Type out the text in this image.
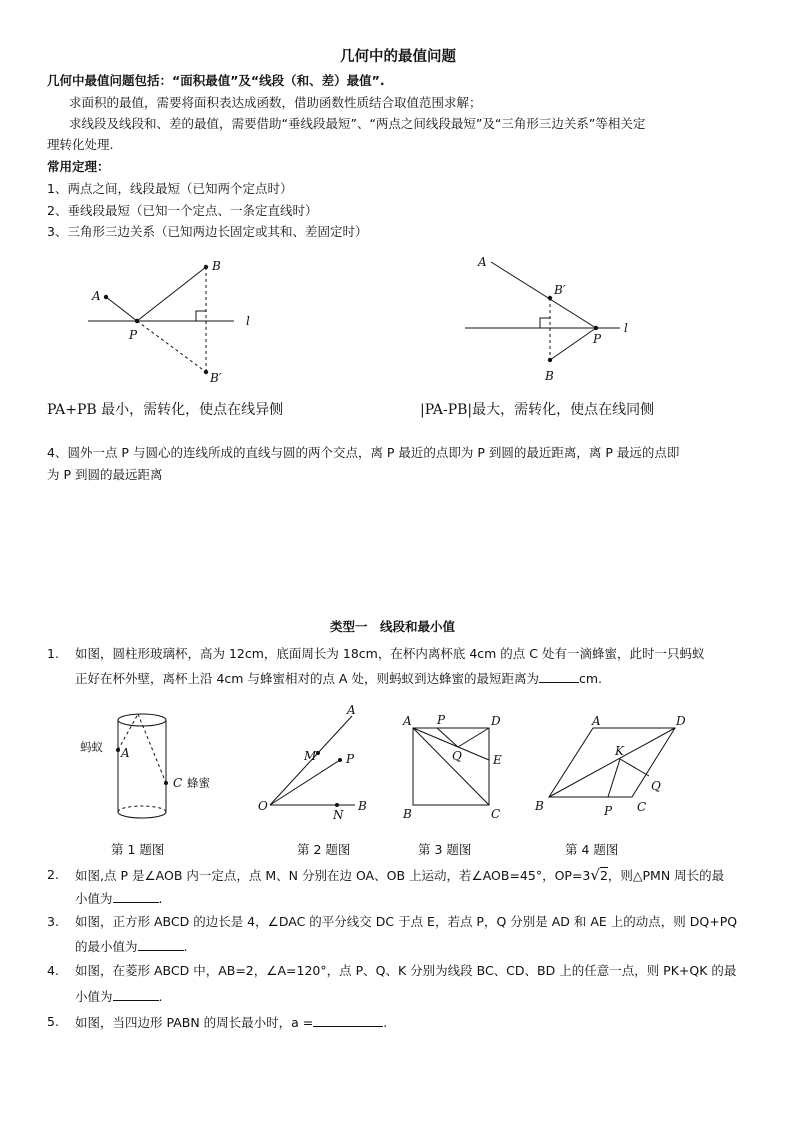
几何中的最值问题
几何中最值问题包括：“面积最值”及“线段（和、差）最值”.
求面积的最值，需要将面积表达成函数，借助函数性质结合取值范围求解；
求线段及线段和、差的最值，需要借助“垂线段最短”、“两点之间线段最短”及“三角形三边关系”等相关定
理转化处理.
常用定理：
1、两点之间，线段最短（已知两个定点时）
2、垂线段最短（已知一个定点、一条定直线时）
3、三角形三边关系（已知两边长固定或其和、差固定时）
A
P
B
B′
l
A
B′
P
B
l
PA+PB 最小，需转化，使点在线异侧	|PA-PB|最大，需转化，使点在线同侧
4、圆外一点 P 与圆心的连线所成的直线与圆的两个交点，离 P 最近的点即为 P 到圆的最近距离，离 P 最远的点即
为 P 到圆的最远距离
类型一　线段和最小值
1. 如图，圆柱形玻璃杯，高为 12cm，底面周长为 18cm，在杯内离杯底 4cm 的点 C 处有一滴蜂蜜，此时一只蚂蚁
正好在杯外壁，离杯上沿 4cm 与蜂蜜相对的点 A 处，则蚂蚁到达蜂蜜的最短距离为	cm.
蚂蚁 A
C 蜂蜜
A
M P
O
N
B
A P	D
Q	E
B	C
A	D
K
Q
B	P C
第 1 题图	第 2 题图	第 3 题图	第 4 题图
2. 如图,点 P 是∠AOB 内一定点，点 M、N 分别在边 OA、OB 上运动，若∠AOB=45°，OP=3√2，则△PMN 周长的最
小值为	.
3. 如图，正方形 ABCD 的边长是 4，∠DAC 的平分线交 DC 于点 E，若点 P，Q 分别是 AD 和 AE 上的动点，则 DQ+PQ
的最小值为	.
4. 如图，在菱形 ABCD 中，AB=2，∠A=120°，点 P、Q、K 分别为线段 BC、CD、BD 上的任意一点，则 PK+QK 的最
小值为	.
5. 如图，当四边形 PABN 的周长最小时，a =	.
